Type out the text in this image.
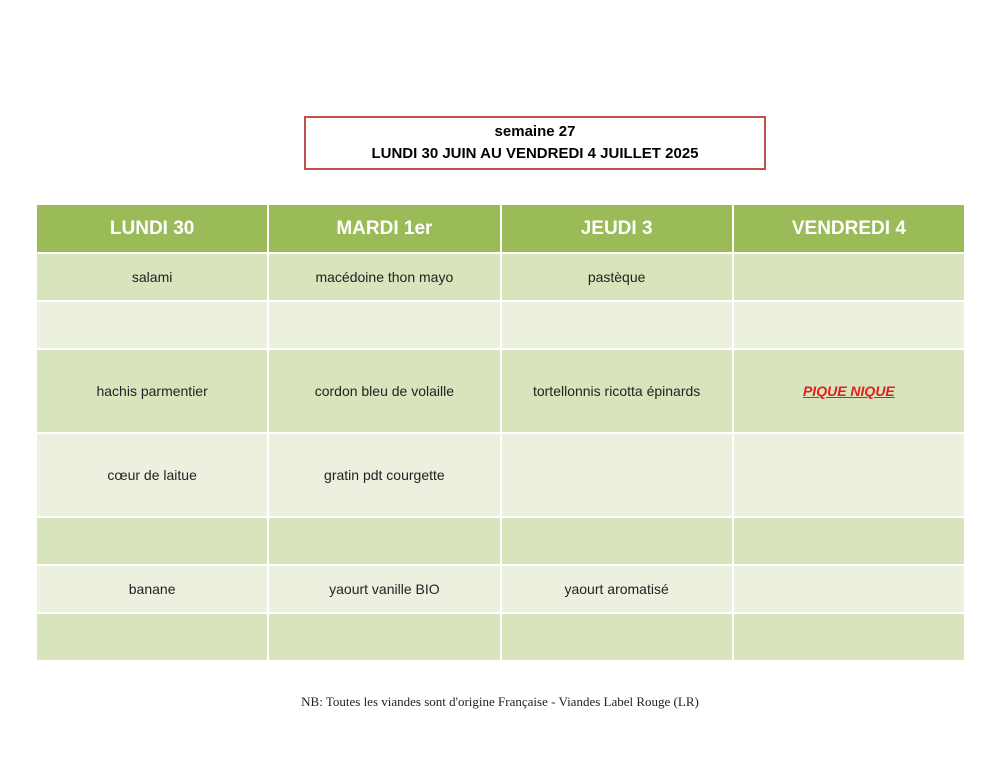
semaine 27
LUNDI 30 JUIN AU VENDREDI 4 JUILLET 2025
LUNDI 30	MARDI 1er	JEUDI 3	VENDREDI 4
salami	macédoine thon mayo	pastèque	

hachis parmentier	cordon bleu de volaille	tortellonnis ricotta épinards	PIQUE NIQUE
cœur de laitue	gratin pdt courgette		

banane	yaourt vanille BIO	yaourt aromatisé	

NB: Toutes les viandes sont d'origine Française - Viandes Label Rouge (LR)
